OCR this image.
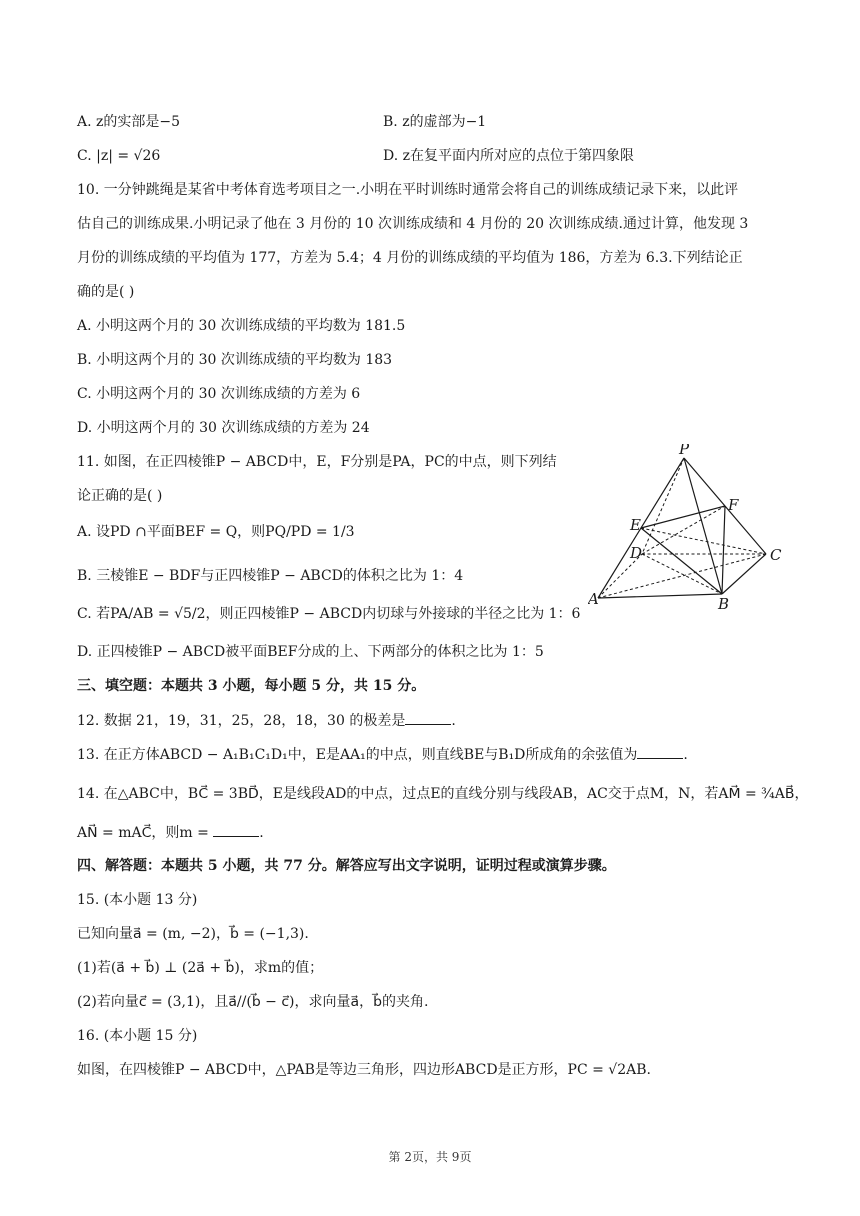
A. z的实部是−5	B. z的虚部为−1
C. |z| = √26	D. z在复平面内所对应的点位于第四象限
10. 一分钟跳绳是某省中考体育选考项目之一.小明在平时训练时通常会将自己的训练成绩记录下来，以此评
估自己的训练成果.小明记录了他在 3 月份的 10 次训练成绩和 4 月份的 20 次训练成绩.通过计算，他发现 3
月份的训练成绩的平均值为 177，方差为 5.4；4 月份的训练成绩的平均值为 186，方差为 6.3.下列结论正
确的是( )
A. 小明这两个月的 30 次训练成绩的平均数为 181.5
B. 小明这两个月的 30 次训练成绩的平均数为 183
C. 小明这两个月的 30 次训练成绩的方差为 6
D. 小明这两个月的 30 次训练成绩的方差为 24
11. 如图，在正四棱锥P − ABCD中，E，F分别是PA，PC的中点，则下列结
论正确的是( )
A. 设PD ∩平面BEF = Q，则PQ/PD = 1/3
B. 三棱锥E − BDF与正四棱锥P − ABCD的体积之比为 1：4
C. 若PA/AB = √5/2，则正四棱锥P − ABCD内切球与外接球的半径之比为 1：6
D. 正四棱锥P − ABCD被平面BEF分成的上、下两部分的体积之比为 1：5
P
F
E
D	C
A	B
三、填空题：本题共 3 小题，每小题 5 分，共 15 分。
12. 数据 21，19，31，25，28，18，30 的极差是	.
13. 在正方体ABCD − A₁B₁C₁D₁中，E是AA₁的中点，则直线BE与B₁D所成角的余弦值为	.
14. 在△ABC中，BC⃗ = 3BD⃗，E是线段AD的中点，过点E的直线分别与线段AB，AC交于点M，N，若AM⃗ = ¾AB⃗，
AN⃗ = mAC⃗，则m =	.
四、解答题：本题共 5 小题，共 77 分。解答应写出文字说明，证明过程或演算步骤。
15. (本小题 13 分)
已知向量a⃗ = (m, −2)，b⃗ = (−1,3).
(1)若(a⃗ + b⃗) ⊥ (2a⃗ + b⃗)，求m的值；
(2)若向量c⃗ = (3,1)，且a⃗//(b⃗ − c⃗)，求向量a⃗，b⃗的夹角.
16. (本小题 15 分)
如图，在四棱锥P − ABCD中，△PAB是等边三角形，四边形ABCD是正方形，PC = √2AB.
第 2页，共 9页
